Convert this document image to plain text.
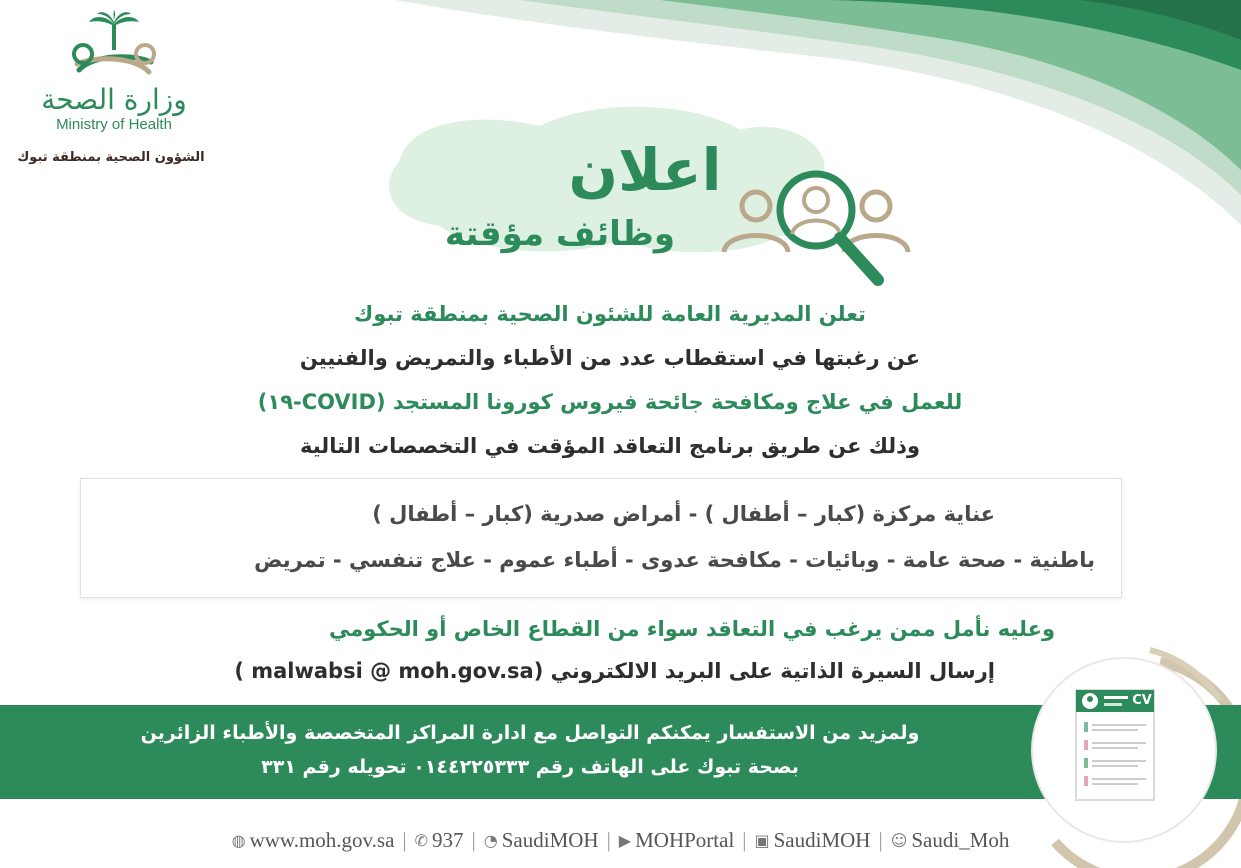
وزارة الصحة
Ministry of Health
الشؤون الصحية بمنطقة تبوك	اعلان
وظائف مؤقتة

تعلن المديرية العامة للشئون الصحية بمنطقة تبوك

عن رغبتها في استقطاب عدد من الأطباء والتمريض والفنيين

للعمل في علاج ومكافحة جائحة فيروس كورونا المستجد (COVID-١٩)

وذلك عن طريق برنامج التعاقد المؤقت في التخصصات التالية

عناية مركزة (كبار – أطفال ) - أمراض صدرية (كبار – أطفال )

باطنية - صحة عامة - وبائيات - مكافحة عدوى - أطباء عموم - علاج تنفسي - تمريض

وعليه نأمل ممن يرغب في التعاقد سواء من القطاع الخاص أو الحكومي

إرسال السيرة الذاتية على البريد الالكتروني (malwabsi @ moh.gov.sa )

ولمزيد من الاستفسار يمكنكم التواصل مع ادارة المراكز المتخصصة والأطباء الزائرين

بصحة تبوك على الهاتف رقم ٠١٤٤٢٢٥٣٣٣ تحويله رقم ٣٣١

CV
◍ www.moh.gov.sa | ✆ 937 | ◔ SaudiMOH | ▶ MOHPortal | ▣ SaudiMOH | ☺ Saudi_Moh
